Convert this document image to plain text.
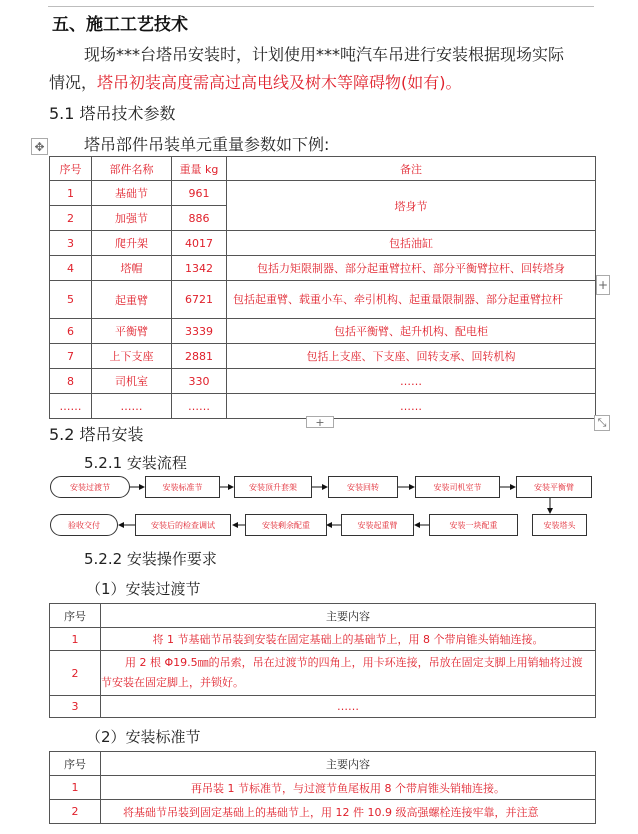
五、施工工艺技术
现场***台塔吊安装时，计划使用***吨汽车吊进行安装根据现场实际
情况，塔吊初装高度需高过高电线及树木等障碍物(如有)。
5.1 塔吊技术参数
✥ 塔吊部件吊装单元重量参数如下例:
序号	部件名称	重量 kg	备注
1	基础节	961	塔身节
2	加强节	886	
3	爬升架	4017	包括油缸
4	塔帽	1342	包括力矩限制器、部分起重臂拉杆、部分平衡臂拉杆、回转塔身
5	起重臂	6721	包括起重臂、载重小车、牵引机构、起重量限制器、部分起重臂拉杆
6	平衡臂	3339	包括平衡臂、起升机构、配电柜
7	上下支座	2881	包括上支座、下支座、回转支承、回转机构
8	司机室	330	……
……	……	……	……
+
+	⤡
5.2 塔吊安装
5.2.1 安装流程
安装过渡节	安装标准节	安装顶升套架	安装回转	安装司机室节	安装平衡臂
验收交付	安装后的检查调试	安装剩余配重	安装起重臂	安装一块配重	安装塔头
5.2.2 安装操作要求
（1）安装过渡节
序号	主要内容
1	将 1 节基础节吊装到安装在固定基础上的基础节上，用 8 个带肩锥头销轴连接。
2	用 2 根 Φ19.5㎜的吊索，吊在过渡节的四角上，用卡环连接，吊放在固定支脚上用销轴将过渡节安装在固定脚上，并锁好。
3	……
（2）安装标准节
序号	主要内容
1	再吊装 1 节标准节，与过渡节鱼尾板用 8 个带肩锥头销轴连接。
2	将基础节吊装到固定基础上的基础节上，用 12 件 10.9 级高强螺栓连接牢靠，并注意
